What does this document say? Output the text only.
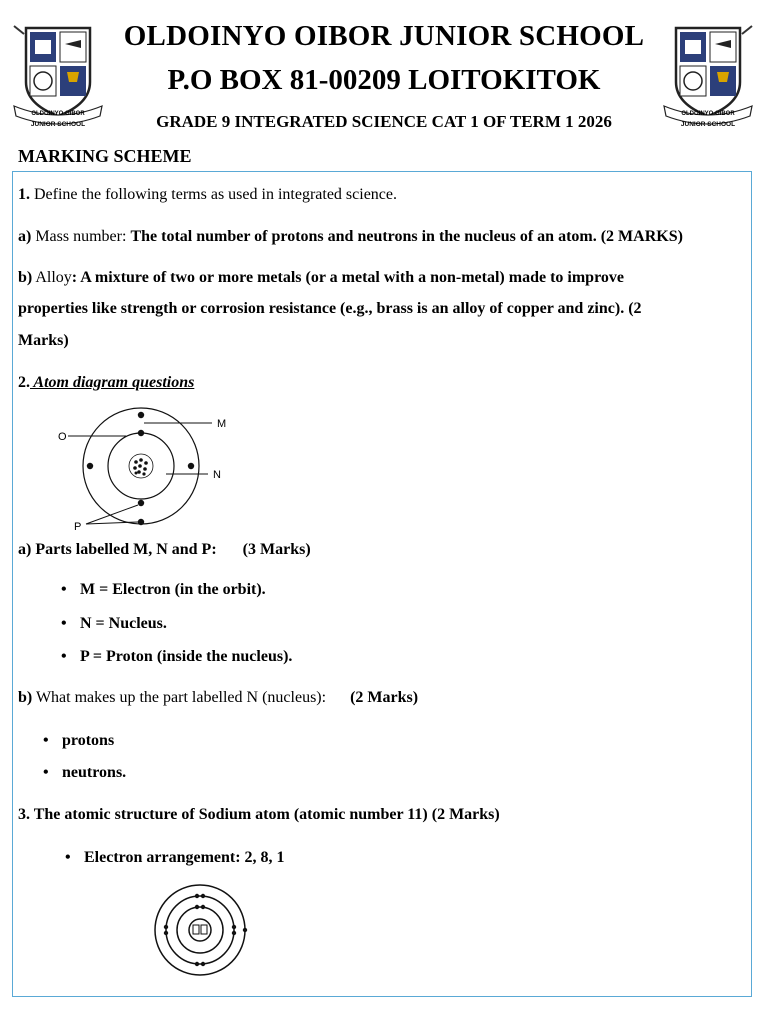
OLDOINYO OIBOR
JUNIOR SCHOOL
OLDOINYO OIBOR JUNIOR SCHOOL
P.O BOX 81-00209 LOITOKITOK
GRADE 9 INTEGRATED SCIENCE CAT 1 OF TERM 1 2026	OLDOINYO OIBOR
JUNIOR SCHOOL
MARKING SCHEME
1. Define the following terms as used in integrated science.
a) Mass number: The total number of protons and neutrons in the nucleus of an atom. (2 MARKS)
b) Alloy: A mixture of two or more metals (or a metal with a non-metal) made to improve
properties like strength or corrosion resistance (e.g., brass is an alloy of copper and zinc). (2
Marks)
2. Atom diagram questions
O
M
N
P
a) Parts labelled M, N and P: (3 Marks)
• M = Electron (in the orbit).
• N = Nucleus.
• P = Proton (inside the nucleus).
b) What makes up the part labelled N (nucleus): (2 Marks)
• protons
• neutrons.
3. The atomic structure of Sodium atom (atomic number 11) (2 Marks)
• Electron arrangement: 2, 8, 1
